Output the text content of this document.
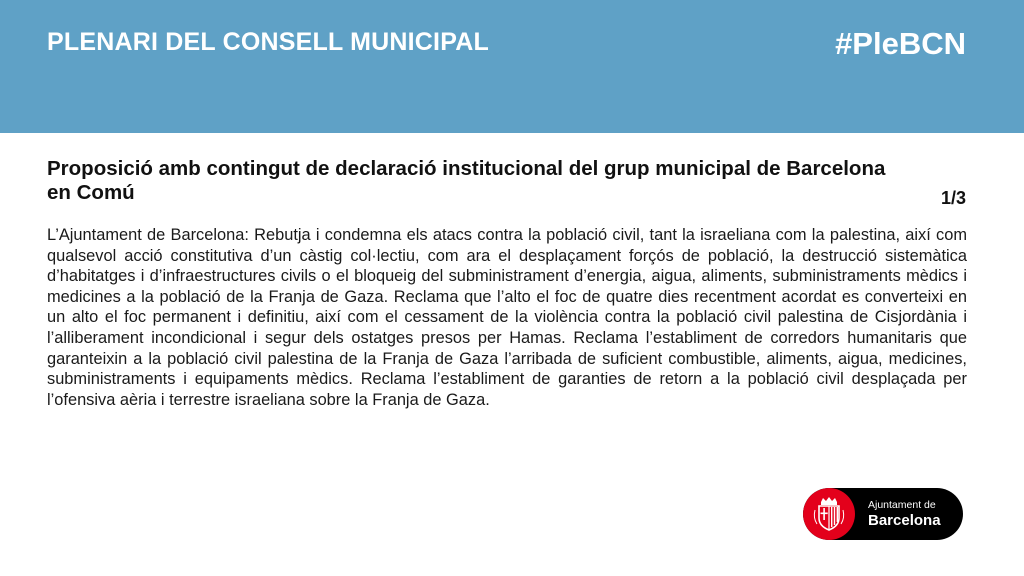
PLENARI DEL CONSELL MUNICIPAL	#PleBCN
Proposició amb contingut de declaració institucional del grup municipal de Barcelona en Comú	1/3
L’Ajuntament de Barcelona: Rebutja i condemna els atacs contra la població civil, tant la israeliana com la palestina, així com qualsevol acció constitutiva d’un càstig col·lectiu, com ara el desplaçament forçós de població, la destrucció sistemàtica d’habitatges i d’infraestructures civils o el bloqueig del subministrament d’energia, aigua, aliments, subministraments mèdics i medicines a la població de la Franja de Gaza. Reclama que l’alto el foc de quatre dies recentment acordat es converteixi en un alto el foc permanent i definitiu, així com el cessament de la violència contra la població civil palestina de Cisjordània i l’alliberament incondicional i segur dels ostatges presos per Hamas. Reclama l’establiment de corredors humanitaris que garanteixin a la població civil palestina de la Franja de Gaza l’arribada de suficient combustible, aliments, aigua, medicines, subministraments i equipaments mèdics. Reclama l’establiment de garanties de retorn a la població civil desplaçada per l’ofensiva aèria i terrestre israeliana sobre la Franja de Gaza.
Ajuntament de
Barcelona
